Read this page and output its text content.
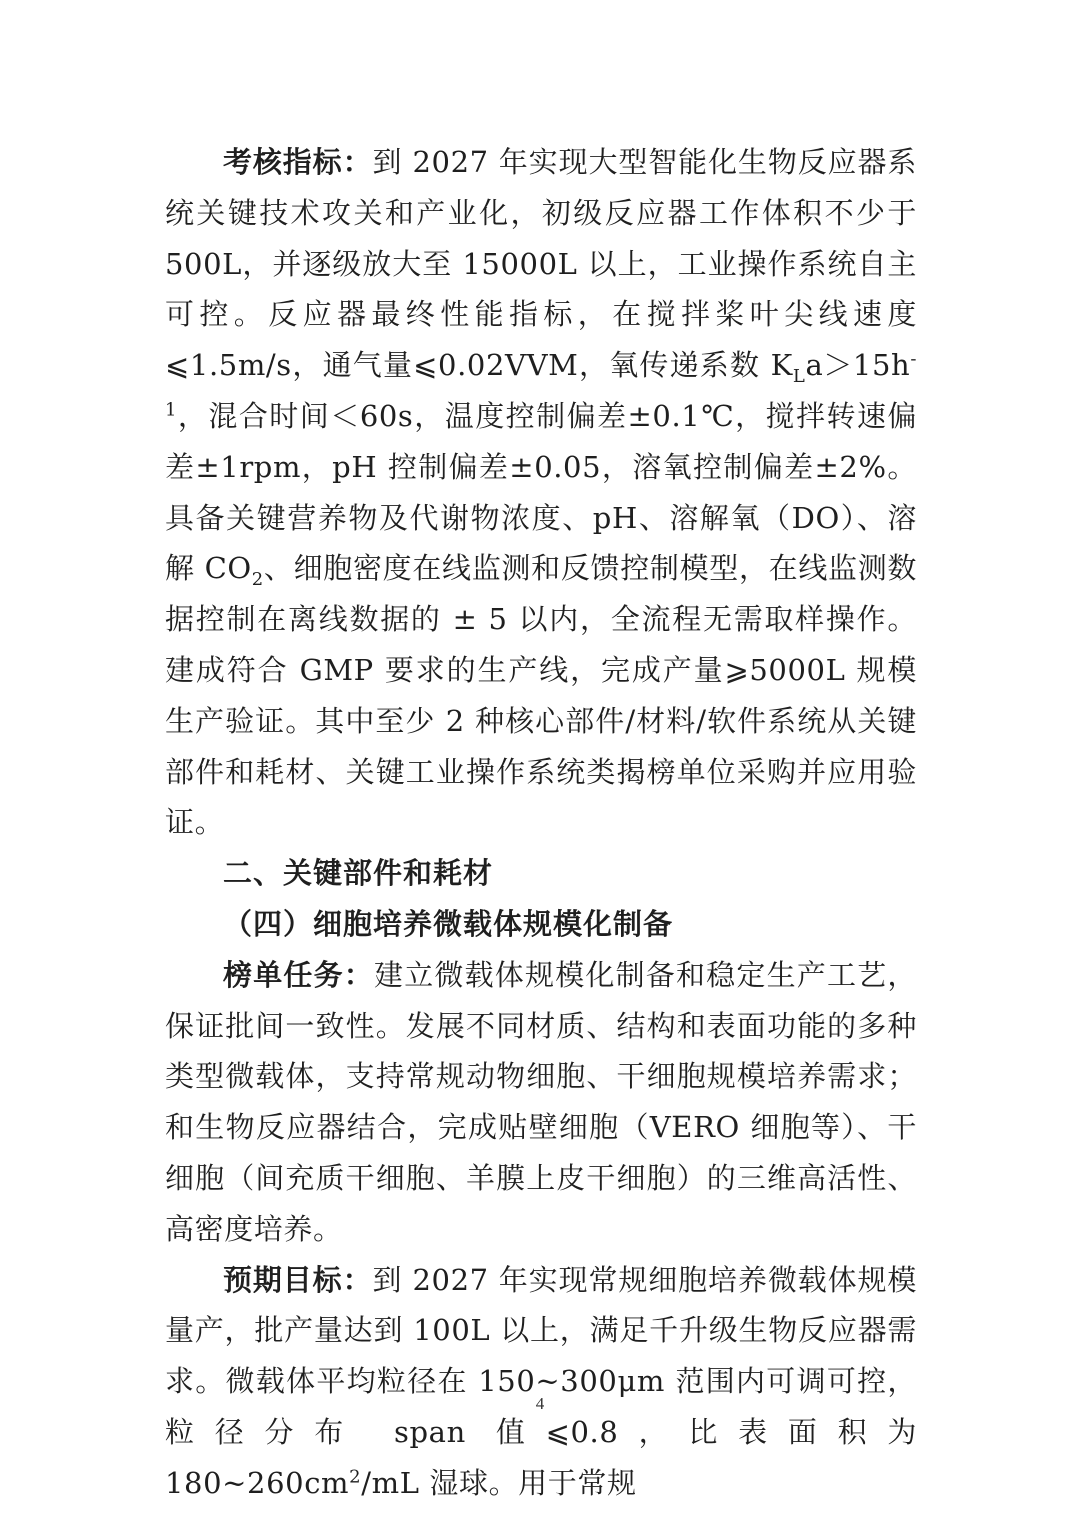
考核指标：到 2027 年实现大型智能化生物反应器系统关键技术攻关和产业化，初级反应器工作体积不少于 500L，并逐级放大至 15000L 以上，工业操作系统自主可控。反应器最终性能指标，在搅拌桨叶尖线速度⩽1.5m/s，通气量⩽0.02VVM，氧传递系数 $K_La>15h^{-1}$，混合时间＜60s，温度控制偏差±0.1℃，搅拌转速偏差±1rpm，pH 控制偏差±0.05，溶氧控制偏差±2%。具备关键营养物及代谢物浓度、pH、溶解氧（DO）、溶解 $CO_2$、细胞密度在线监测和反馈控制模型，在线监测数据控制在离线数据的 ± 5 以内，全流程无需取样操作。建成符合 GMP 要求的生产线，完成产量⩾5000L 规模生产验证。其中至少 2 种核心部件/材料/软件系统从关键部件和耗材、关键工业操作系统类揭榜单位采购并应用验证。

二、关键部件和耗材

（四）细胞培养微载体规模化制备

榜单任务：建立微载体规模化制备和稳定生产工艺，保证批间一致性。发展不同材质、结构和表面功能的多种类型微载体，支持常规动物细胞、干细胞规模培养需求；和生物反应器结合，完成贴壁细胞（VERO 细胞等）、干细胞（间充质干细胞、羊膜上皮干细胞）的三维高活性、高密度培养。

预期目标：到 2027 年实现常规细胞培养微载体规模量产，批产量达到 100L 以上，满足千升级生物反应器需求。微载体平均粒径在 150~300μm 范围内可调可控，粒径分布 span 值⩽0.8，比表面积为 $180\sim 260cm^2/mL$ 湿球。用于常规

4
